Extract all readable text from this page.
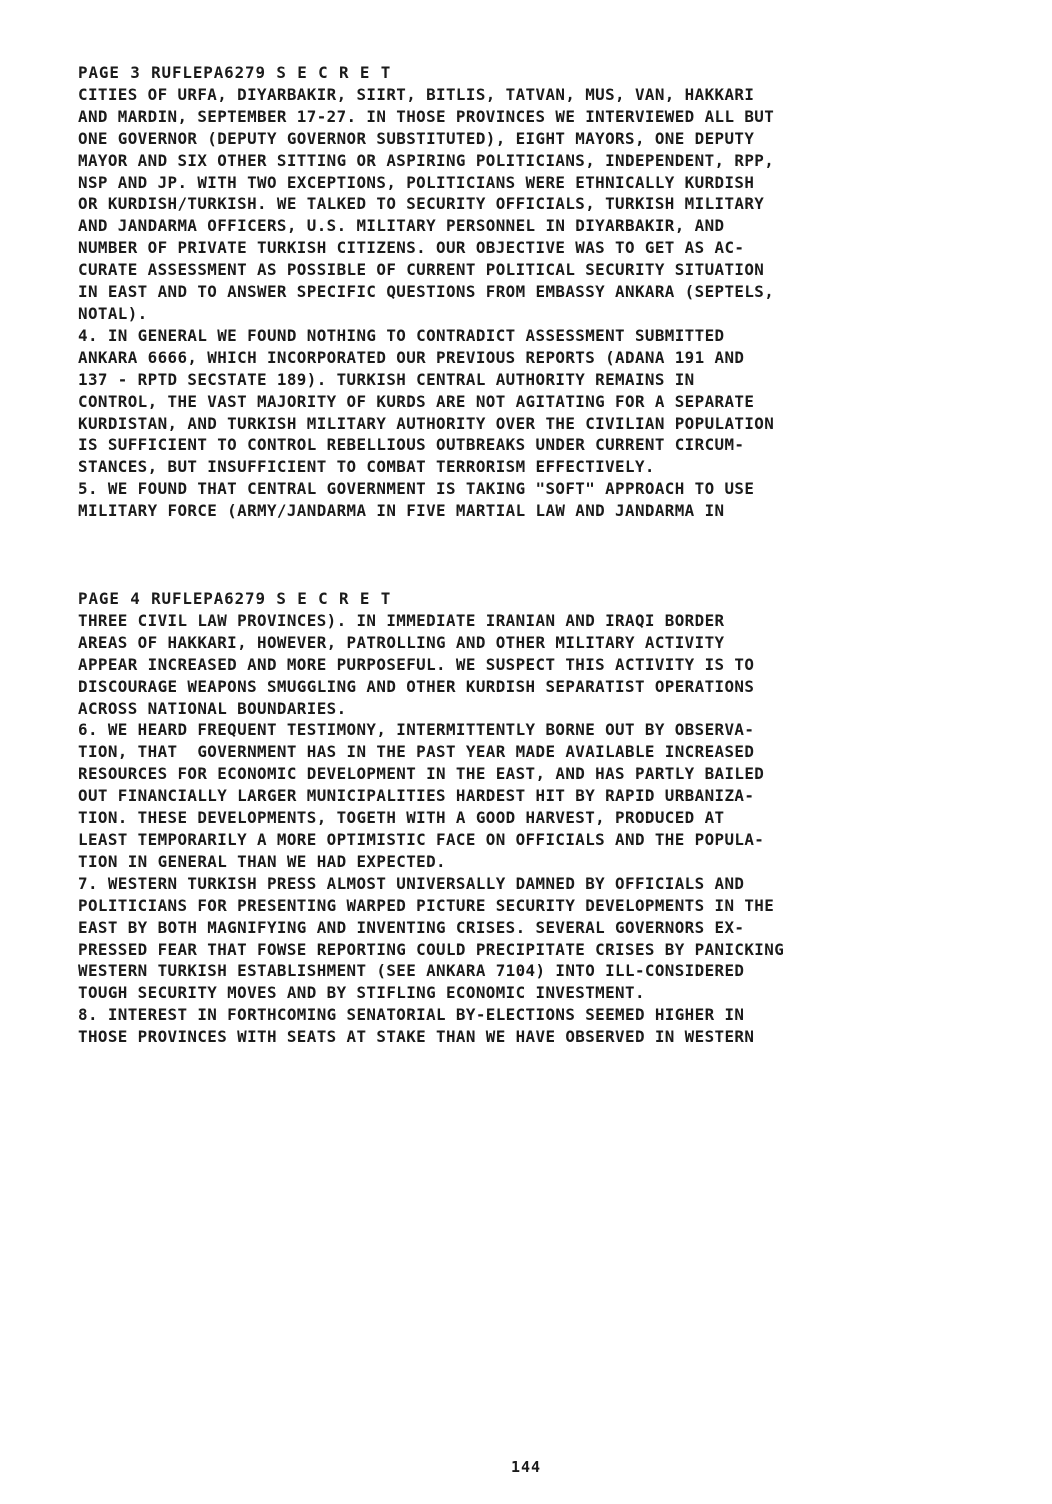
PAGE 3 RUFLEPA6279 S E C R E T
CITIES OF URFA, DIYARBAKIR, SIIRT, BITLIS, TATVAN, MUS, VAN, HAKKARI
AND MARDIN, SEPTEMBER 17-27. IN THOSE PROVINCES WE INTERVIEWED ALL BUT
ONE GOVERNOR (DEPUTY GOVERNOR SUBSTITUTED), EIGHT MAYORS, ONE DEPUTY
MAYOR AND SIX OTHER SITTING OR ASPIRING POLITICIANS, INDEPENDENT, RPP,
NSP AND JP. WITH TWO EXCEPTIONS, POLITICIANS WERE ETHNICALLY KURDISH
OR KURDISH/TURKISH. WE TALKED TO SECURITY OFFICIALS, TURKISH MILITARY
AND JANDARMA OFFICERS, U.S. MILITARY PERSONNEL IN DIYARBAKIR, AND
NUMBER OF PRIVATE TURKISH CITIZENS. OUR OBJECTIVE WAS TO GET AS AC-
CURATE ASSESSMENT AS POSSIBLE OF CURRENT POLITICAL SECURITY SITUATION
IN EAST AND TO ANSWER SPECIFIC QUESTIONS FROM EMBASSY ANKARA (SEPTELS,
NOTAL).
4. IN GENERAL WE FOUND NOTHING TO CONTRADICT ASSESSMENT SUBMITTED
ANKARA 6666, WHICH INCORPORATED OUR PREVIOUS REPORTS (ADANA 191 AND
137 - RPTD SECSTATE 189). TURKISH CENTRAL AUTHORITY REMAINS IN
CONTROL, THE VAST MAJORITY OF KURDS ARE NOT AGITATING FOR A SEPARATE
KURDISTAN, AND TURKISH MILITARY AUTHORITY OVER THE CIVILIAN POPULATION
IS SUFFICIENT TO CONTROL REBELLIOUS OUTBREAKS UNDER CURRENT CIRCUM-
STANCES, BUT INSUFFICIENT TO COMBAT TERRORISM EFFECTIVELY.
5. WE FOUND THAT CENTRAL GOVERNMENT IS TAKING "SOFT" APPROACH TO USE
MILITARY FORCE (ARMY/JANDARMA IN FIVE MARTIAL LAW AND JANDARMA IN
PAGE 4 RUFLEPA6279 S E C R E T
THREE CIVIL LAW PROVINCES). IN IMMEDIATE IRANIAN AND IRAQI BORDER
AREAS OF HAKKARI, HOWEVER, PATROLLING AND OTHER MILITARY ACTIVITY
APPEAR INCREASED AND MORE PURPOSEFUL. WE SUSPECT THIS ACTIVITY IS TO
DISCOURAGE WEAPONS SMUGGLING AND OTHER KURDISH SEPARATIST OPERATIONS
ACROSS NATIONAL BOUNDARIES.
6. WE HEARD FREQUENT TESTIMONY, INTERMITTENTLY BORNE OUT BY OBSERVA-
TION, THAT  GOVERNMENT HAS IN THE PAST YEAR MADE AVAILABLE INCREASED
RESOURCES FOR ECONOMIC DEVELOPMENT IN THE EAST, AND HAS PARTLY BAILED
OUT FINANCIALLY LARGER MUNICIPALITIES HARDEST HIT BY RAPID URBANIZA-
TION. THESE DEVELOPMENTS, TOGETH WITH A GOOD HARVEST, PRODUCED AT
LEAST TEMPORARILY A MORE OPTIMISTIC FACE ON OFFICIALS AND THE POPULA-
TION IN GENERAL THAN WE HAD EXPECTED.
7. WESTERN TURKISH PRESS ALMOST UNIVERSALLY DAMNED BY OFFICIALS AND
POLITICIANS FOR PRESENTING WARPED PICTURE SECURITY DEVELOPMENTS IN THE
EAST BY BOTH MAGNIFYING AND INVENTING CRISES. SEVERAL GOVERNORS EX-
PRESSED FEAR THAT FOWSE REPORTING COULD PRECIPITATE CRISES BY PANICKING
WESTERN TURKISH ESTABLISHMENT (SEE ANKARA 7104) INTO ILL-CONSIDERED
TOUGH SECURITY MOVES AND BY STIFLING ECONOMIC INVESTMENT.
8. INTEREST IN FORTHCOMING SENATORIAL BY-ELECTIONS SEEMED HIGHER IN
THOSE PROVINCES WITH SEATS AT STAKE THAN WE HAVE OBSERVED IN WESTERN
144
